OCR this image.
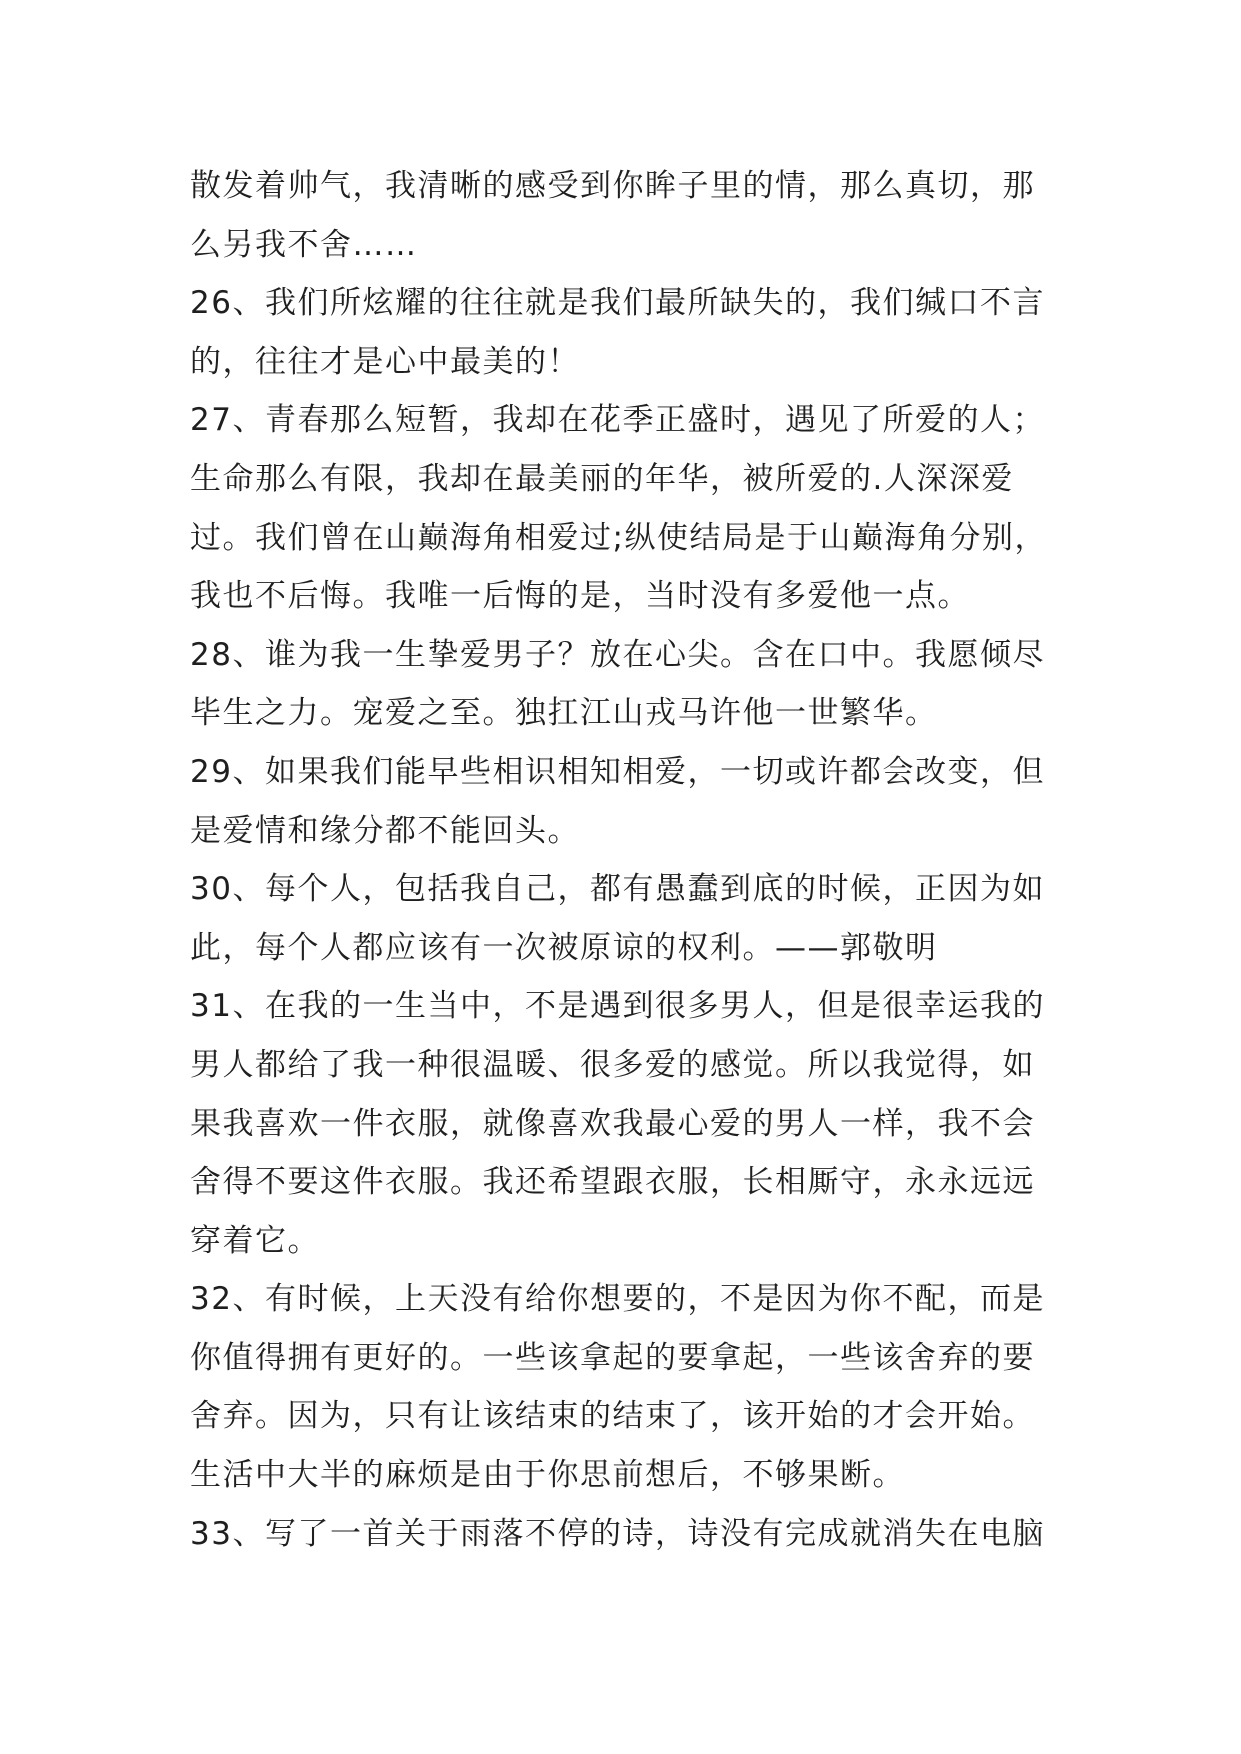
散发着帅气，我清晰的感受到你眸子里的情，那么真切，那
么另我不舍……
26、我们所炫耀的往往就是我们最所缺失的，我们缄口不言
的，往往才是心中最美的！
27、青春那么短暂，我却在花季正盛时，遇见了所爱的人；
生命那么有限，我却在最美丽的年华，被所爱的.人深深爱
过。我们曾在山巅海角相爱过;纵使结局是于山巅海角分别，
我也不后悔。我唯一后悔的是，当时没有多爱他一点。
28、谁为我一生挚爱男子？放在心尖。含在口中。我愿倾尽
毕生之力。宠爱之至。独扛江山戎马许他一世繁华。
29、如果我们能早些相识相知相爱，一切或许都会改变，但
是爱情和缘分都不能回头。
30、每个人，包括我自己，都有愚蠢到底的时候，正因为如
此，每个人都应该有一次被原谅的权利。——郭敬明
31、在我的一生当中，不是遇到很多男人，但是很幸运我的
男人都给了我一种很温暖、很多爱的感觉。所以我觉得，如
果我喜欢一件衣服，就像喜欢我最心爱的男人一样，我不会
舍得不要这件衣服。我还希望跟衣服，长相厮守，永永远远
穿着它。
32、有时候，上天没有给你想要的，不是因为你不配，而是
你值得拥有更好的。一些该拿起的要拿起，一些该舍弃的要
舍弃。因为，只有让该结束的结束了，该开始的才会开始。
生活中大半的麻烦是由于你思前想后，不够果断。
33、写了一首关于雨落不停的诗，诗没有完成就消失在电脑
